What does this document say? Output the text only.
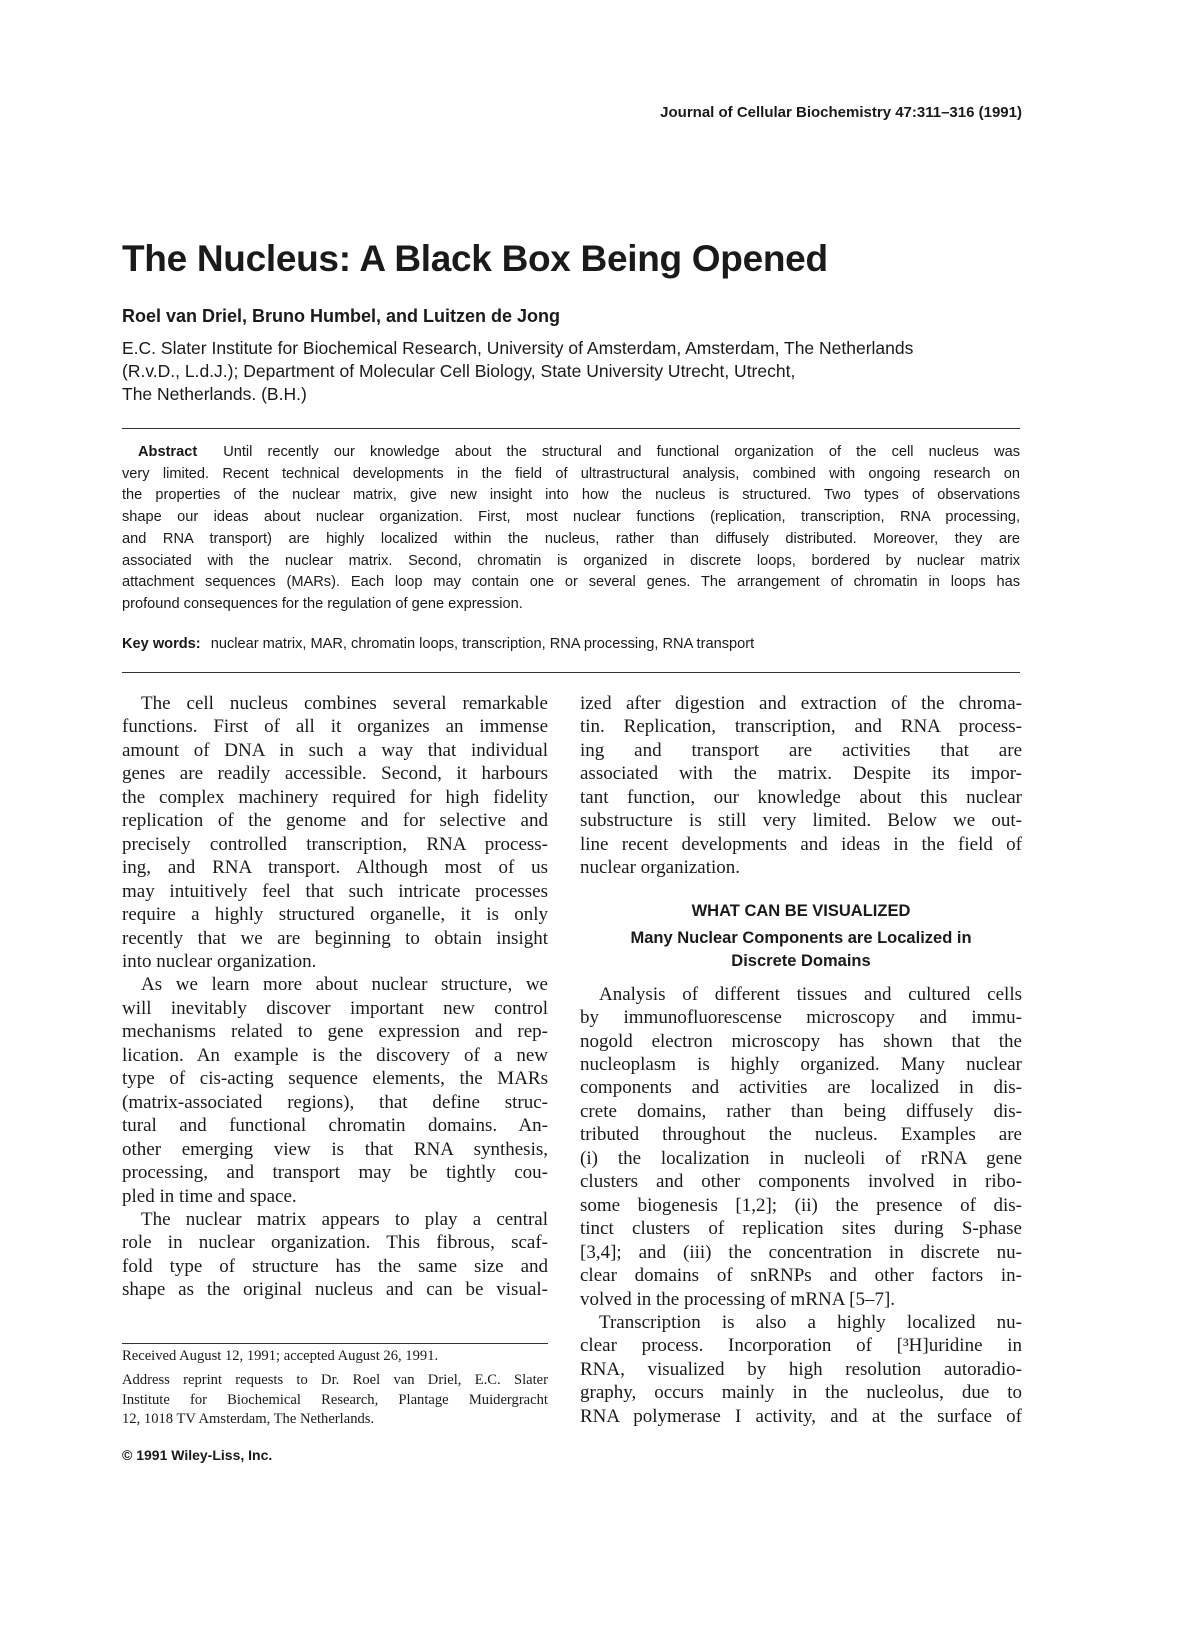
Journal of Cellular Biochemistry 47:311–316 (1991)
The Nucleus: A Black Box Being Opened
Roel van Driel, Bruno Humbel, and Luitzen de Jong
E.C. Slater Institute for Biochemical Research, University of Amsterdam, Amsterdam, The Netherlands
(R.v.D., L.d.J.); Department of Molecular Cell Biology, State University Utrecht, Utrecht,
The Netherlands. (B.H.)
Abstract Until recently our knowledge about the structural and functional organization of the cell nucleus was
very limited. Recent technical developments in the field of ultrastructural analysis, combined with ongoing research on
the properties of the nuclear matrix, give new insight into how the nucleus is structured. Two types of observations
shape our ideas about nuclear organization. First, most nuclear functions (replication, transcription, RNA processing,
and RNA transport) are highly localized within the nucleus, rather than diffusely distributed. Moreover, they are
associated with the nuclear matrix. Second, chromatin is organized in discrete loops, bordered by nuclear matrix
attachment sequences (MARs). Each loop may contain one or several genes. The arrangement of chromatin in loops has
profound consequences for the regulation of gene expression.
Key words: nuclear matrix, MAR, chromatin loops, transcription, RNA processing, RNA transport
The cell nucleus combines several remarkable
functions. First of all it organizes an immense
amount of DNA in such a way that individual
genes are readily accessible. Second, it harbours
the complex machinery required for high fidelity
replication of the genome and for selective and
precisely controlled transcription, RNA process-
ing, and RNA transport. Although most of us
may intuitively feel that such intricate processes
require a highly structured organelle, it is only
recently that we are beginning to obtain insight
into nuclear organization.
As we learn more about nuclear structure, we
will inevitably discover important new control
mechanisms related to gene expression and rep-
lication. An example is the discovery of a new
type of cis-acting sequence elements, the MARs
(matrix-associated regions), that define struc-
tural and functional chromatin domains. An-
other emerging view is that RNA synthesis,
processing, and transport may be tightly cou-
pled in time and space.
The nuclear matrix appears to play a central
role in nuclear organization. This fibrous, scaf-
fold type of structure has the same size and
shape as the original nucleus and can be visual-
ized after digestion and extraction of the chroma-
tin. Replication, transcription, and RNA process-
ing and transport are activities that are
associated with the matrix. Despite its impor-
tant function, our knowledge about this nuclear
substructure is still very limited. Below we out-
line recent developments and ideas in the field of
nuclear organization.
WHAT CAN BE VISUALIZED
Many Nuclear Components are Localized in
Discrete Domains
Analysis of different tissues and cultured cells
by immunofluorescense microscopy and immu-
nogold electron microscopy has shown that the
nucleoplasm is highly organized. Many nuclear
components and activities are localized in dis-
crete domains, rather than being diffusely dis-
tributed throughout the nucleus. Examples are
(i) the localization in nucleoli of rRNA gene
clusters and other components involved in ribo-
some biogenesis [1,2]; (ii) the presence of dis-
tinct clusters of replication sites during S-phase
[3,4]; and (iii) the concentration in discrete nu-
clear domains of snRNPs and other factors in-
volved in the processing of mRNA [5–7].
Transcription is also a highly localized nu-
clear process. Incorporation of [³H]uridine in
RNA, visualized by high resolution autoradio-
graphy, occurs mainly in the nucleolus, due to
RNA polymerase I activity, and at the surface of
Received August 12, 1991; accepted August 26, 1991.
Address reprint requests to Dr. Roel van Driel, E.C. Slater
Institute for Biochemical Research, Plantage Muidergracht
12, 1018 TV Amsterdam, The Netherlands.
© 1991 Wiley-Liss, Inc.
